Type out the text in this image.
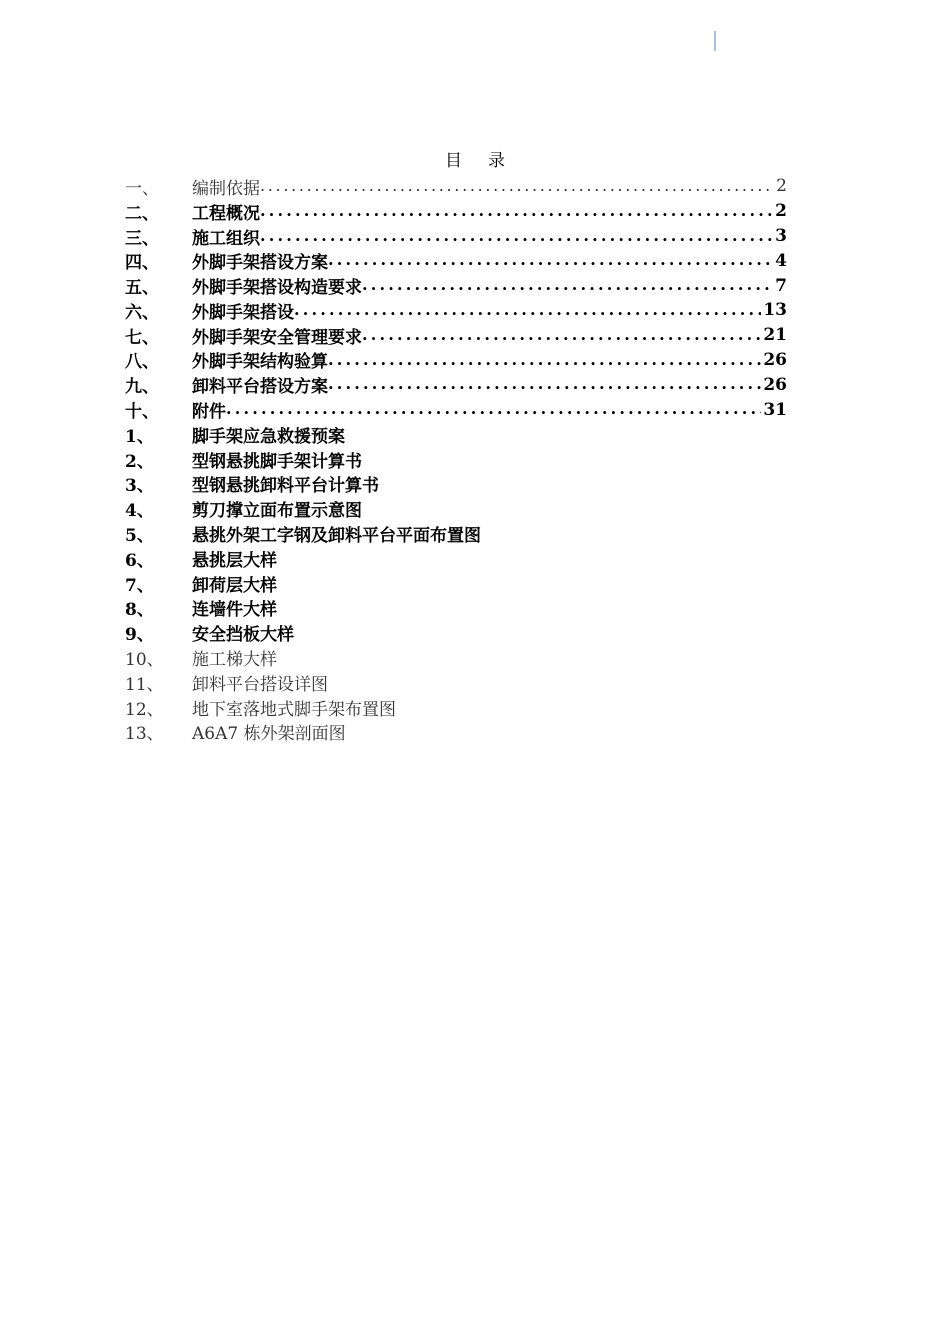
目 录
一、	编制依据 . . .	2
二、	工程概况 . . .	2
三、	施工组织 . . .	3
四、	外脚手架搭设方案 . . .	4
五、	外脚手架搭设构造要求 . . .	7
六、	外脚手架搭设 . . .	13
七、	外脚手架安全管理要求 . . .	21
八、	外脚手架结构验算 . . .	26
九、	卸料平台搭设方案 . . .	26
十、	附件 . . .	31
1、	脚手架应急救援预案
2、	型钢悬挑脚手架计算书
3、	型钢悬挑卸料平台计算书
4、	剪刀撑立面布置示意图
5、	悬挑外架工字钢及卸料平台平面布置图
6、	悬挑层大样
7、	卸荷层大样
8、	连墙件大样
9、	安全挡板大样
10、	施工梯大样
11、	卸料平台搭设详图
12、	地下室落地式脚手架布置图
13、	A6A7 栋外架剖面图
